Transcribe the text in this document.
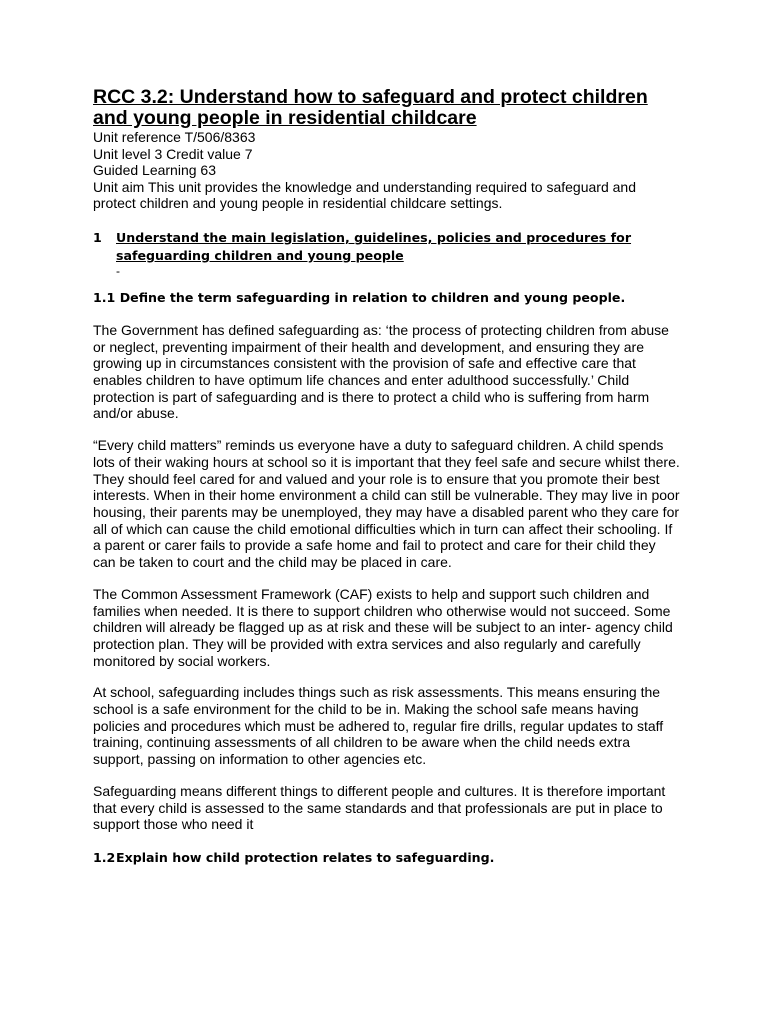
RCC 3.2: Understand how to safeguard and protect children and young people in residential childcare

Unit reference T/506/8363

Unit level 3 Credit value 7

Guided Learning 63

Unit aim This unit provides the knowledge and understanding required to safeguard and protect children and young people in residential childcare settings.

1	Understand the main legislation, guidelines, policies and procedures for safeguarding children and young people
-

1.1 Define the term safeguarding in relation to children and young people.

The Government has defined safeguarding as: ‘the process of protecting children from abuse or neglect, preventing impairment of their health and development, and ensuring they are growing up in circumstances consistent with the provision of safe and effective care that enables children to have optimum life chances and enter adulthood successfully.’ Child protection is part of safeguarding and is there to protect a child who is suffering from harm and/or abuse.

“Every child matters” reminds us everyone have a duty to safeguard children. A child spends lots of their waking hours at school so it is important that they feel safe and secure whilst there. They should feel cared for and valued and your role is to ensure that you promote their best interests. When in their home environment a child can still be vulnerable. They may live in poor housing, their parents may be unemployed, they may have a disabled parent who they care for all of which can cause the child emotional difficulties which in turn can affect their schooling. If a parent or carer fails to provide a safe home and fail to protect and care for their child they can be taken to court and the child may be placed in care.

The Common Assessment Framework (CAF) exists to help and support such children and families when needed. It is there to support children who otherwise would not succeed. Some children will already be flagged up as at risk and these will be subject to an inter- agency child protection plan. They will be provided with extra services and also regularly and carefully monitored by social workers.

At school, safeguarding includes things such as risk assessments. This means ensuring the school is a safe environment for the child to be in. Making the school safe means having policies and procedures which must be adhered to, regular fire drills, regular updates to staff training, continuing assessments of all children to be aware when the child needs extra support, passing on information to other agencies etc.

Safeguarding means different things to different people and cultures. It is therefore important that every child is assessed to the same standards and that professionals are put in place to support those who need it

1.2Explain how child protection relates to safeguarding.
